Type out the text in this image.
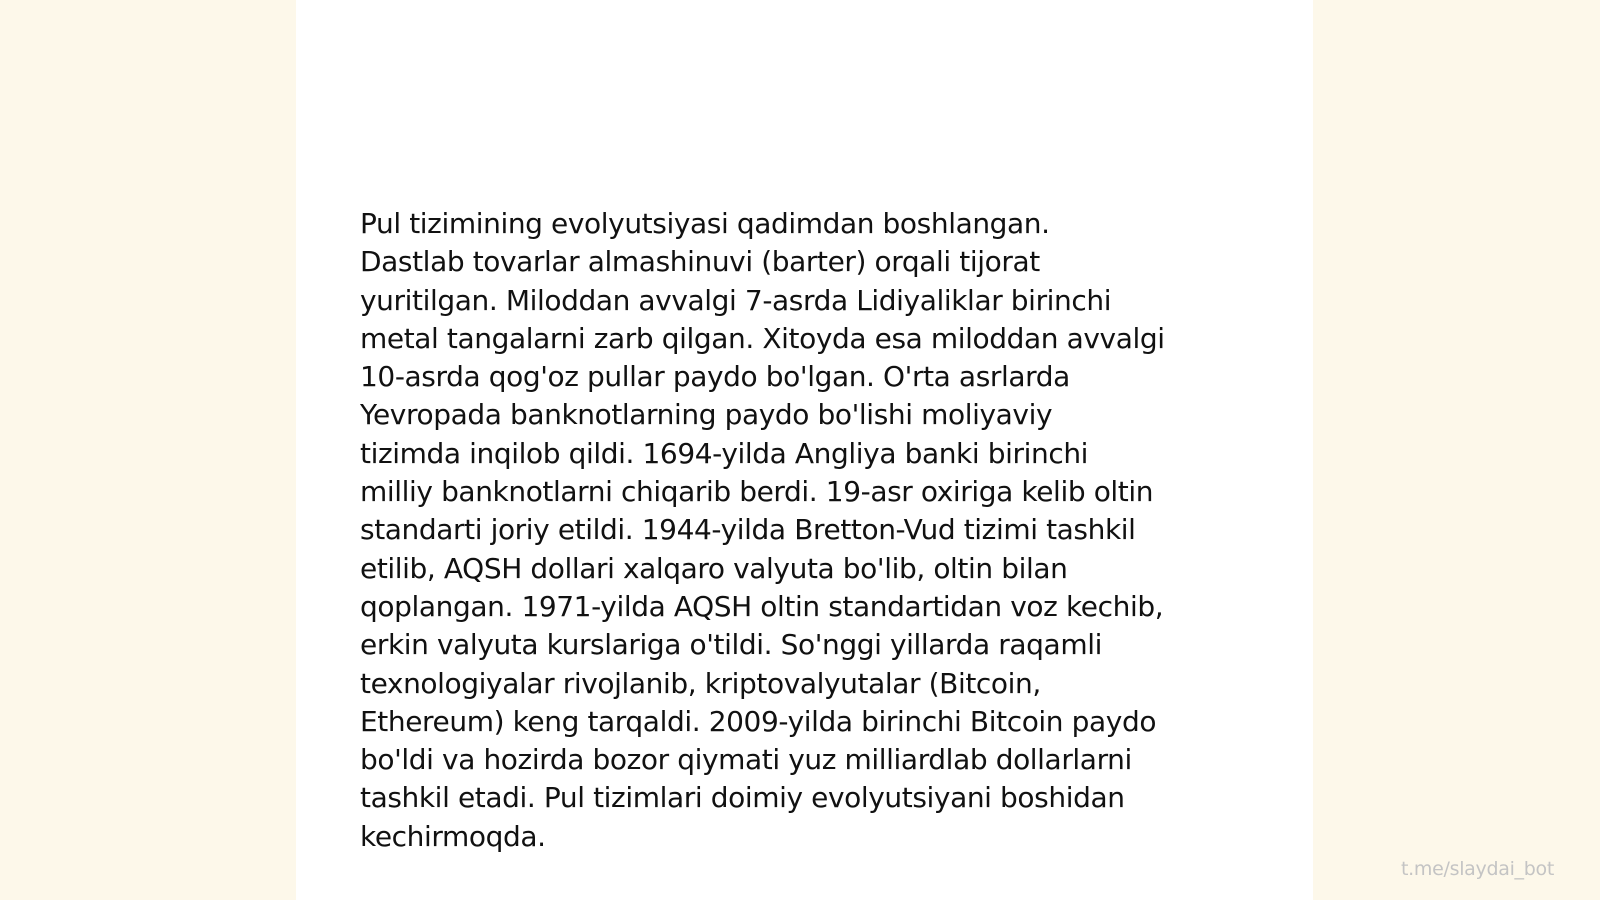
Pul tizimining evolyutsiyasi qadimdan boshlangan.
Dastlab tovarlar almashinuvi (barter) orqali tijorat
yuritilgan. Miloddan avvalgi 7-asrda Lidiyaliklar birinchi
metal tangalarni zarb qilgan. Xitoyda esa miloddan avvalgi
10-asrda qog'oz pullar paydo bo'lgan. O'rta asrlarda
Yevropada banknotlarning paydo bo'lishi moliyaviy
tizimda inqilob qildi. 1694-yilda Angliya banki birinchi
milliy banknotlarni chiqarib berdi. 19-asr oxiriga kelib oltin
standarti joriy etildi. 1944-yilda Bretton-Vud tizimi tashkil
etilib, AQSH dollari xalqaro valyuta bo'lib, oltin bilan
qoplangan. 1971-yilda AQSH oltin standartidan voz kechib,
erkin valyuta kurslariga o'tildi. So'nggi yillarda raqamli
texnologiyalar rivojlanib, kriptovalyutalar (Bitcoin,
Ethereum) keng tarqaldi. 2009-yilda birinchi Bitcoin paydo
bo'ldi va hozirda bozor qiymati yuz milliardlab dollarlarni
tashkil etadi. Pul tizimlari doimiy evolyutsiyani boshidan
kechirmoqda.

t.me/slaydai_bot
